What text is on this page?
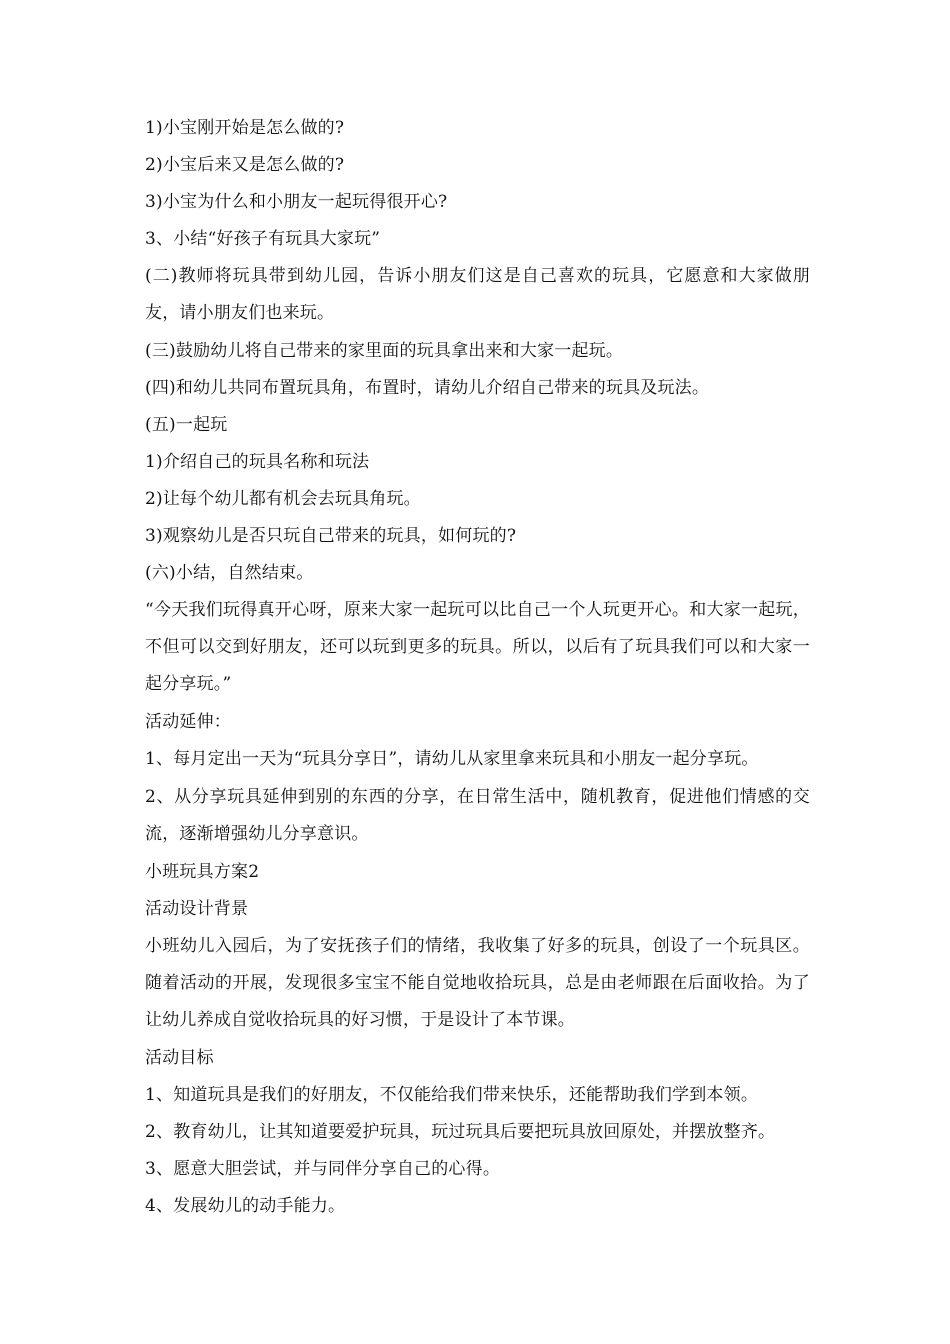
1)小宝刚开始是怎么做的?
2)小宝后来又是怎么做的?
3)小宝为什么和小朋友一起玩得很开心?
3、小结“好孩子有玩具大家玩”
(二)教师将玩具带到幼儿园，告诉小朋友们这是自己喜欢的玩具，它愿意和大家做朋友，请小朋友们也来玩。
(三)鼓励幼儿将自己带来的家里面的玩具拿出来和大家一起玩。
(四)和幼儿共同布置玩具角，布置时，请幼儿介绍自己带来的玩具及玩法。
(五)一起玩
1)介绍自己的玩具名称和玩法
2)让每个幼儿都有机会去玩具角玩。
3)观察幼儿是否只玩自己带来的玩具，如何玩的?
(六)小结，自然结束。
“今天我们玩得真开心呀，原来大家一起玩可以比自己一个人玩更开心。和大家一起玩，不但可以交到好朋友，还可以玩到更多的玩具。所以，以后有了玩具我们可以和大家一起分享玩。”
活动延伸：
1、每月定出一天为“玩具分享日”，请幼儿从家里拿来玩具和小朋友一起分享玩。
2、从分享玩具延伸到别的东西的分享，在日常生活中，随机教育，促进他们情感的交流，逐渐增强幼儿分享意识。
小班玩具方案2
活动设计背景
小班幼儿入园后，为了安抚孩子们的情绪，我收集了好多的玩具，创设了一个玩具区。随着活动的开展，发现很多宝宝不能自觉地收拾玩具，总是由老师跟在后面收拾。为了让幼儿养成自觉收拾玩具的好习惯，于是设计了本节课。
活动目标
1、知道玩具是我们的好朋友，不仅能给我们带来快乐，还能帮助我们学到本领。
2、教育幼儿，让其知道要爱护玩具，玩过玩具后要把玩具放回原处，并摆放整齐。
3、愿意大胆尝试，并与同伴分享自己的心得。
4、发展幼儿的动手能力。
